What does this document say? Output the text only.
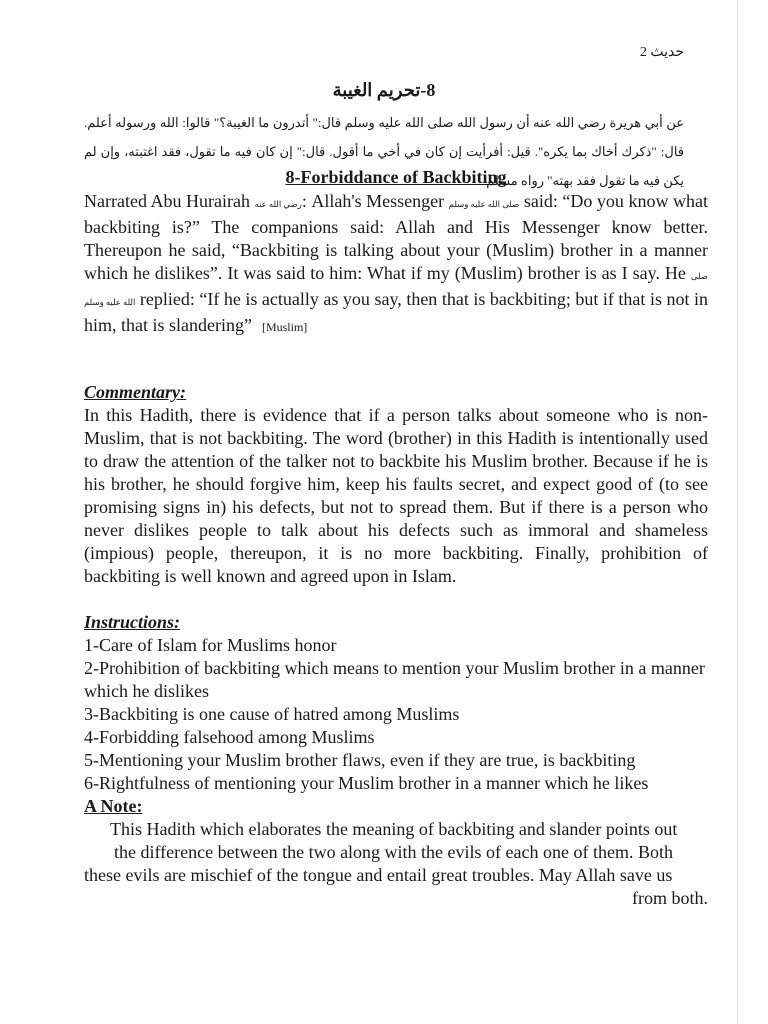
حديث 2
8-تحريم الغيبة
عن أبي هريرة رضي الله عنه أن رسول الله صلى الله عليه وسلم قال:" أتدرون ما الغيبة؟" قالوا: الله ورسوله أعلم. قال: "ذكرك أخاك بما يكره". قيل: أفرأيت إن كان في أخي ما أقول. قال:" إن كان فيه ما تقول، فقد اغتبته، وإن لم يكن فيه ما تقول فقد بهته" رواه مسلم
8-Forbiddance of Backbiting

Narrated Abu Hurairah رضي الله عنه: Allah's Messenger صلى الله عليه وسلم said: “Do you know what backbiting is?” The companions said: Allah and His Messenger know better. Thereupon he said, “Backbiting is talking about your (Muslim) brother in a manner which he dislikes”. It was said to him: What if my (Muslim) brother is as I say. He صلى الله عليه وسلم replied: “If he is actually as you say, then that is backbiting; but if that is not in him, that is slandering” [Muslim]

Commentary:

In this Hadith, there is evidence that if a person talks about someone who is non-Muslim, that is not backbiting. The word (brother) in this Hadith is intentionally used to draw the attention of the talker not to backbite his Muslim brother. Because if he is his brother, he should forgive him, keep his faults secret, and expect good of (to see promising signs in) his defects, but not to spread them. But if there is a person who never dislikes people to talk about his defects such as immoral and shameless (impious) people, thereupon, it is no more backbiting. Finally, prohibition of backbiting is well known and agreed upon in Islam.

Instructions:

1-Care of Islam for Muslims honor
2-Prohibition of backbiting which means to mention your Muslim brother in a manner which he dislikes
3-Backbiting is one cause of hatred among Muslims
4-Forbidding falsehood among Muslims
5-Mentioning your Muslim brother flaws, even if they are true, is backbiting
6-Rightfulness of mentioning your Muslim brother in a manner which he likes

A Note:

This Hadith which elaborates the meaning of backbiting and slander points out

the difference between the two along with the evils of each one of them. Both

these evils are mischief of the tongue and entail great troubles. May Allah save us

from both.
